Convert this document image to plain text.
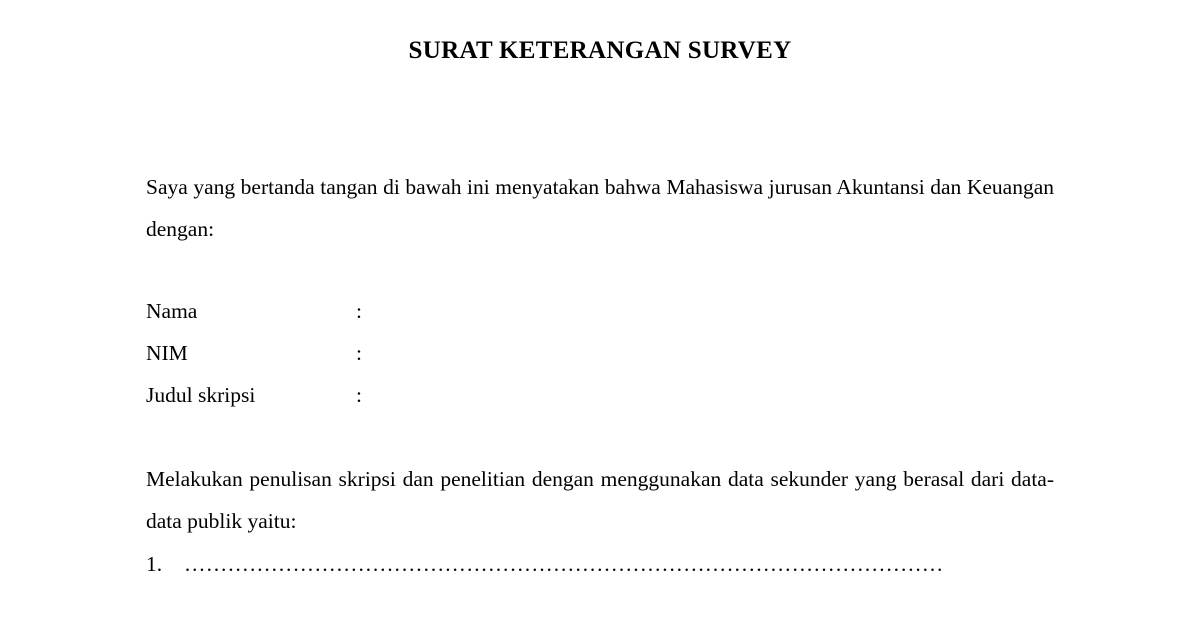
SURAT KETERANGAN SURVEY

Saya yang bertanda tangan di bawah ini menyatakan bahwa Mahasiswa jurusan Akuntansi dan Keuangan dengan:

Nama	:
NIM	:
Judul skripsi	:

Melakukan penulisan skripsi dan penelitian dengan menggunakan data sekunder yang berasal dari data-data publik yaitu:

1.	……………………………………………………………………………………………
